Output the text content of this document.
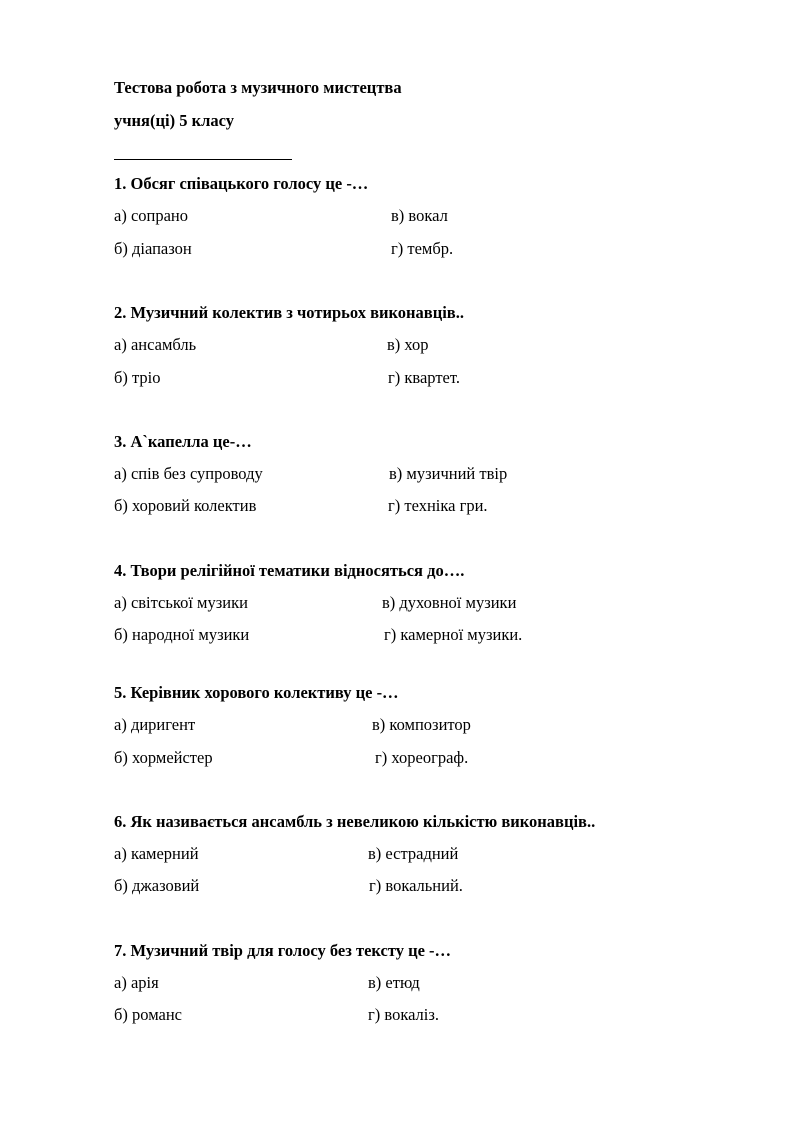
Тестова робота з музичного мистецтва
учня(ці) 5 класу
1. Обсяг співацького голосу це -…
а) сопрано	в) вокал
б) діапазон	г) тембр.
2. Музичний колектив з чотирьох виконавців..
а) ансамбль	в) хор
б) тріо	г) квартет.
3. А`капелла це-…
а) спів без супроводу	в) музичний твір
б) хоровий колектив	г) техніка гри.
4. Твори релігійної тематики відносяться до….
а) світської музики	в) духовної музики
б) народної музики	г) камерної музики.
5. Керівник хорового колективу це -…
а) диригент	в) композитор
б) хормейстер	г) хореограф.
6. Як називається ансамбль з невеликою кількістю виконавців..
а) камерний	в) естрадний
б) джазовий	г) вокальний.
7. Музичний твір для голосу без тексту це -…
а) арія	в) етюд
б) романс	г) вокаліз.
